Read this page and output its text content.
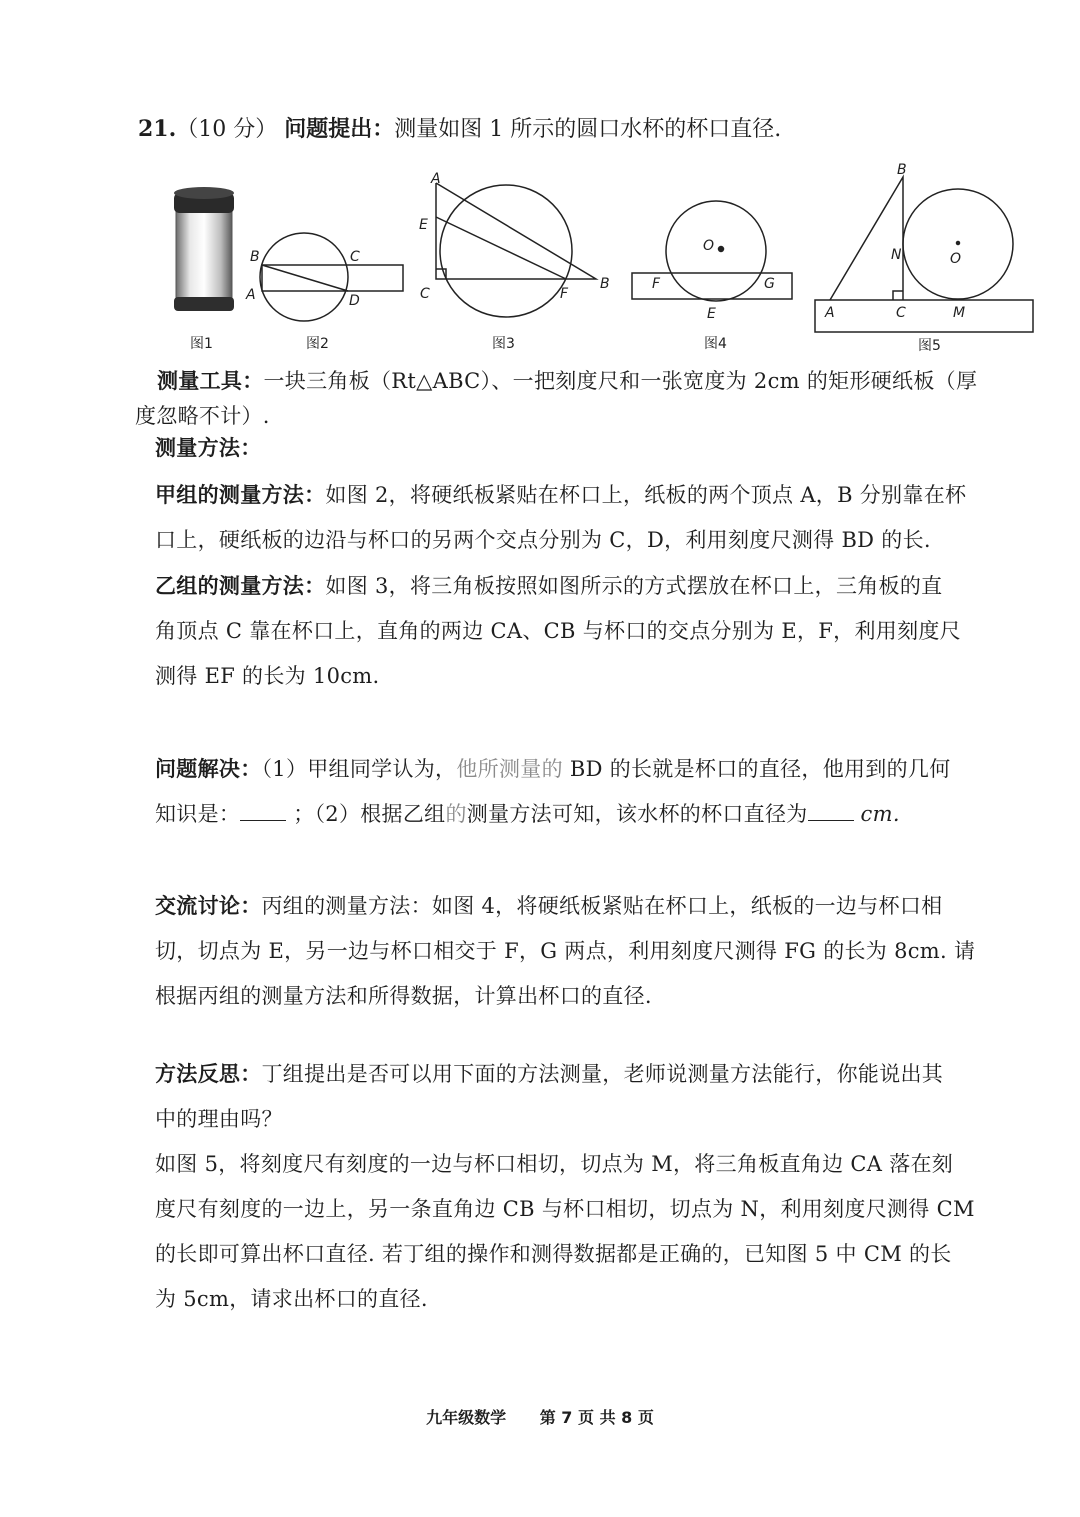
21.（10 分） 问题提出：测量如图 1 所示的圆口水杯的杯口直径.
B	C
A	D
A
E
C	F
B
O
F	G
E
B
N	O
A	C	M
图1	图2	图3	图4	图5
测量工具：一块三角板（Rt△ABC）、一把刻度尺和一张宽度为 2cm 的矩形硬纸板（厚
度忽略不计）.
测量方法：
甲组的测量方法：如图 2，将硬纸板紧贴在杯口上，纸板的两个顶点 A，B 分别靠在杯
口上，硬纸板的边沿与杯口的另两个交点分别为 C，D，利用刻度尺测得 BD 的长.
乙组的测量方法：如图 3，将三角板按照如图所示的方式摆放在杯口上，三角板的直
角顶点 C 靠在杯口上，直角的两边 CA、CB 与杯口的交点分别为 E，F，利用刻度尺
测得 EF 的长为 10cm.
问题解决：（1）甲组同学认为，他所测量的 BD 的长就是杯口的直径，他用到的几何
知识是：	；（2）根据乙组的测量方法可知，该水杯的杯口直径为 cm.
交流讨论：丙组的测量方法：如图 4，将硬纸板紧贴在杯口上，纸板的一边与杯口相
切，切点为 E，另一边与杯口相交于 F，G 两点，利用刻度尺测得 FG 的长为 8cm. 请
根据丙组的测量方法和所得数据，计算出杯口的直径.
方法反思：丁组提出是否可以用下面的方法测量，老师说测量方法能行，你能说出其
中的理由吗？
如图 5，将刻度尺有刻度的一边与杯口相切，切点为 M，将三角板直角边 CA 落在刻
度尺有刻度的一边上，另一条直角边 CB 与杯口相切，切点为 N，利用刻度尺测得 CM
的长即可算出杯口直径. 若丁组的操作和测得数据都是正确的，已知图 5 中 CM 的长
为 5cm，请求出杯口的直径.
九年级数学 第 7 页 共 8 页
